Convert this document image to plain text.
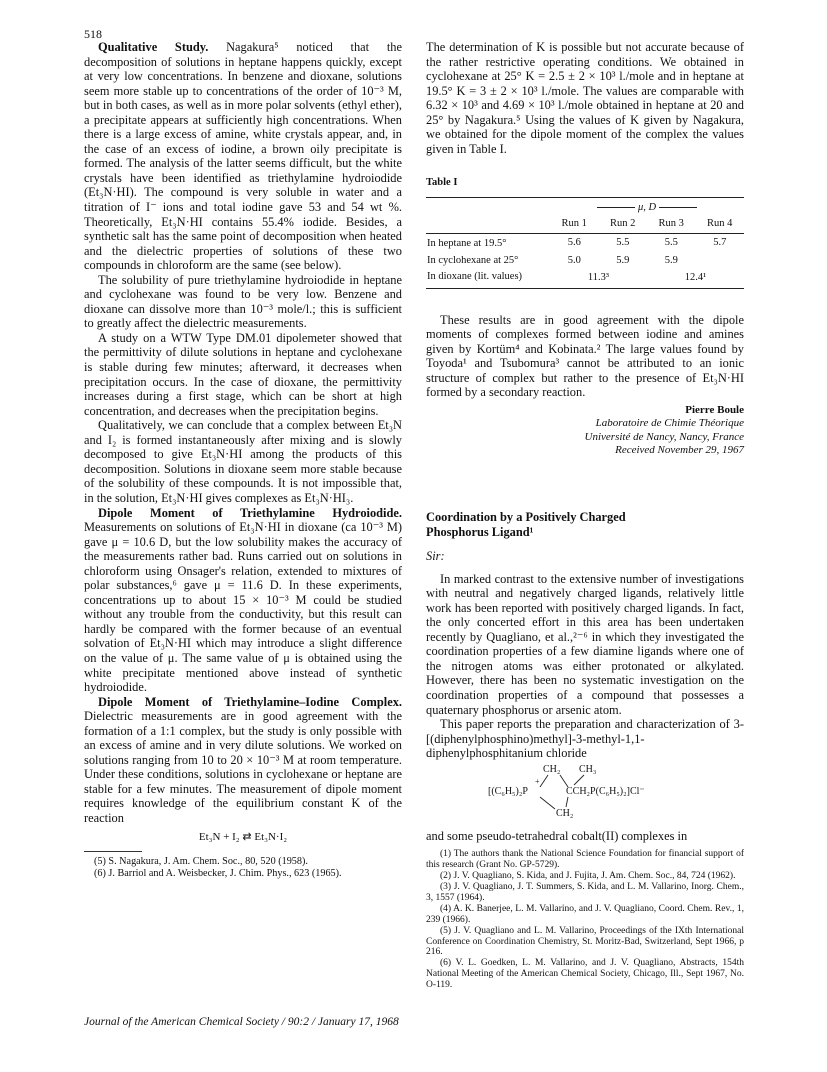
518

Qualitative Study. Nagakura⁵ noticed that the decomposition of solutions in heptane happens quickly, except at very low concentrations. In benzene and dioxane, solutions seem more stable up to concentrations of the order of 10⁻³ M, but in both cases, as well as in more polar solvents (ethyl ether), a precipitate appears at sufficiently high concentrations. When there is a large excess of amine, white crystals appear, and, in the case of an excess of iodine, a brown oily precipitate is formed. The analysis of the latter seems difficult, but the white crystals have been identified as triethylamine hydroiodide (Et₃N·HI). The compound is very soluble in water and a titration of I⁻ ions and total iodine gave 53 and 54 wt %. Theoretically, Et₃N·HI contains 55.4% iodide. Besides, a synthetic salt has the same point of decomposition when heated and the dielectric properties of solutions of these two compounds in chloroform are the same (see below).

The solubility of pure triethylamine hydroiodide in heptane and cyclohexane was found to be very low. Benzene and dioxane can dissolve more than 10⁻³ mole/l.; this is sufficient to greatly affect the dielectric measurements.

A study on a WTW Type DM.01 dipolemeter showed that the permittivity of dilute solutions in heptane and cyclohexane is stable during few minutes; afterward, it decreases when precipitation occurs. In the case of dioxane, the permittivity increases during a first stage, which can be short at high concentration, and decreases when the precipitation begins.

Qualitatively, we can conclude that a complex between Et₃N and I₂ is formed instantaneously after mixing and is slowly decomposed to give Et₃N·HI among the products of this decomposition. Solutions in dioxane seem more stable because of the solubility of these compounds. It is not impossible that, in the solution, Et₃N·HI gives complexes as Et₃N·HI₃.

Dipole Moment of Triethylamine Hydroiodide. Measurements on solutions of Et₃N·HI in dioxane (ca 10⁻³ M) gave μ = 10.6 D, but the low solubility makes the accuracy of the measurements rather bad. Runs carried out on solutions in chloroform using Onsager's relation, extended to mixtures of polar substances,⁶ gave μ = 11.6 D. In these experiments, concentrations up to about 15 × 10⁻³ M could be studied without any trouble from the conductivity, but this result can hardly be compared with the former because of an eventual solvation of Et₃N·HI which may introduce a slight difference on the value of μ. The same value of μ is obtained using the white precipitate mentioned above instead of synthetic hydroiodide.

Dipole Moment of Triethylamine–Iodine Complex. Dielectric measurements are in good agreement with the formation of a 1:1 complex, but the study is only possible with an excess of amine and in very dilute solutions. We worked on solutions ranging from 10 to 20 × 10⁻³ M at room temperature. Under these conditions, solutions in cyclohexane or heptane are stable for a few minutes. The measurement of dipole moment requires knowledge of the equilibrium constant K of the reaction

Et₃N + I₂ ⇄ Et₃N·I₂

(5) S. Nagakura, J. Am. Chem. Soc., 80, 520 (1958).

(6) J. Barriol and A. Weisbecker, J. Chim. Phys., 623 (1965).

The determination of K is possible but not accurate because of the rather restrictive operating conditions. We obtained in cyclohexane at 25° K = 2.5 ± 2 × 10³ l./mole and in heptane at 19.5° K = 3 ± 2 × 10³ l./mole. The values are comparable with 6.32 × 10³ and 4.69 × 10³ l./mole obtained in heptane at 20 and 25° by Nagakura.⁵ Using the values of K given by Nagakura, we obtained for the dipole moment of the complex the values given in Table I.

Table I
	μ, D			
	Run 1	Run 2	Run 3	Run 4
In heptane at 19.5°	5.6	5.5	5.5	5.7
In cyclohexane at 25°	5.0	5.9	5.9	
In dioxane (lit. values)	11.3³		12.4¹	

These results are in good agreement with the dipole moments of complexes formed between iodine and amines given by Kortüm⁴ and Kobinata.² The large values found by Toyoda¹ and Tsubomura³ cannot be attributed to an ionic structure of complex but rather to the presence of Et₃N·HI formed by a secondary reaction.

Pierre Boule

Laboratoire de Chimie Théorique

Université de Nancy, Nancy, France

Received November 29, 1967

Coordination by a Positively Charged Phosphorus Ligand¹

Sir:

In marked contrast to the extensive number of investigations with neutral and negatively charged ligands, relatively little work has been reported with positively charged ligands. In fact, the only concerted effort in this area has been undertaken recently by Quagliano, et al.,²⁻⁶ in which they investigated the coordination properties of a few diamine ligands where one of the nitrogen atoms was either protonated or alkylated. However, there has been no systematic investigation on the coordination properties of a compound that possesses a quaternary phosphorus or arsenic atom.

This paper reports the preparation and characterization of 3-[(diphenylphosphino)methyl]-3-methyl-1,1-diphenylphosphitanium chloride

CH₂ CH₃
[(C₆H₅)₂P
+
CCH₂P(C₆H₅)₂]Cl⁻
CH₂

and some pseudo-tetrahedral cobalt(II) complexes in

(1) The authors thank the National Science Foundation for financial support of this research (Grant No. GP-5729).

(2) J. V. Quagliano, S. Kida, and J. Fujita, J. Am. Chem. Soc., 84, 724 (1962).

(3) J. V. Quagliano, J. T. Summers, S. Kida, and L. M. Vallarino, Inorg. Chem., 3, 1557 (1964).

(4) A. K. Banerjee, L. M. Vallarino, and J. V. Quagliano, Coord. Chem. Rev., 1, 239 (1966).

(5) J. V. Quagliano and L. M. Vallarino, Proceedings of the IXth International Conference on Coordination Chemistry, St. Moritz-Bad, Switzerland, Sept 1966, p 216.

(6) V. L. Goedken, L. M. Vallarino, and J. V. Quagliano, Abstracts, 154th National Meeting of the American Chemical Society, Chicago, Ill., Sept 1967, No. O-119.

Journal of the American Chemical Society / 90:2 / January 17, 1968
